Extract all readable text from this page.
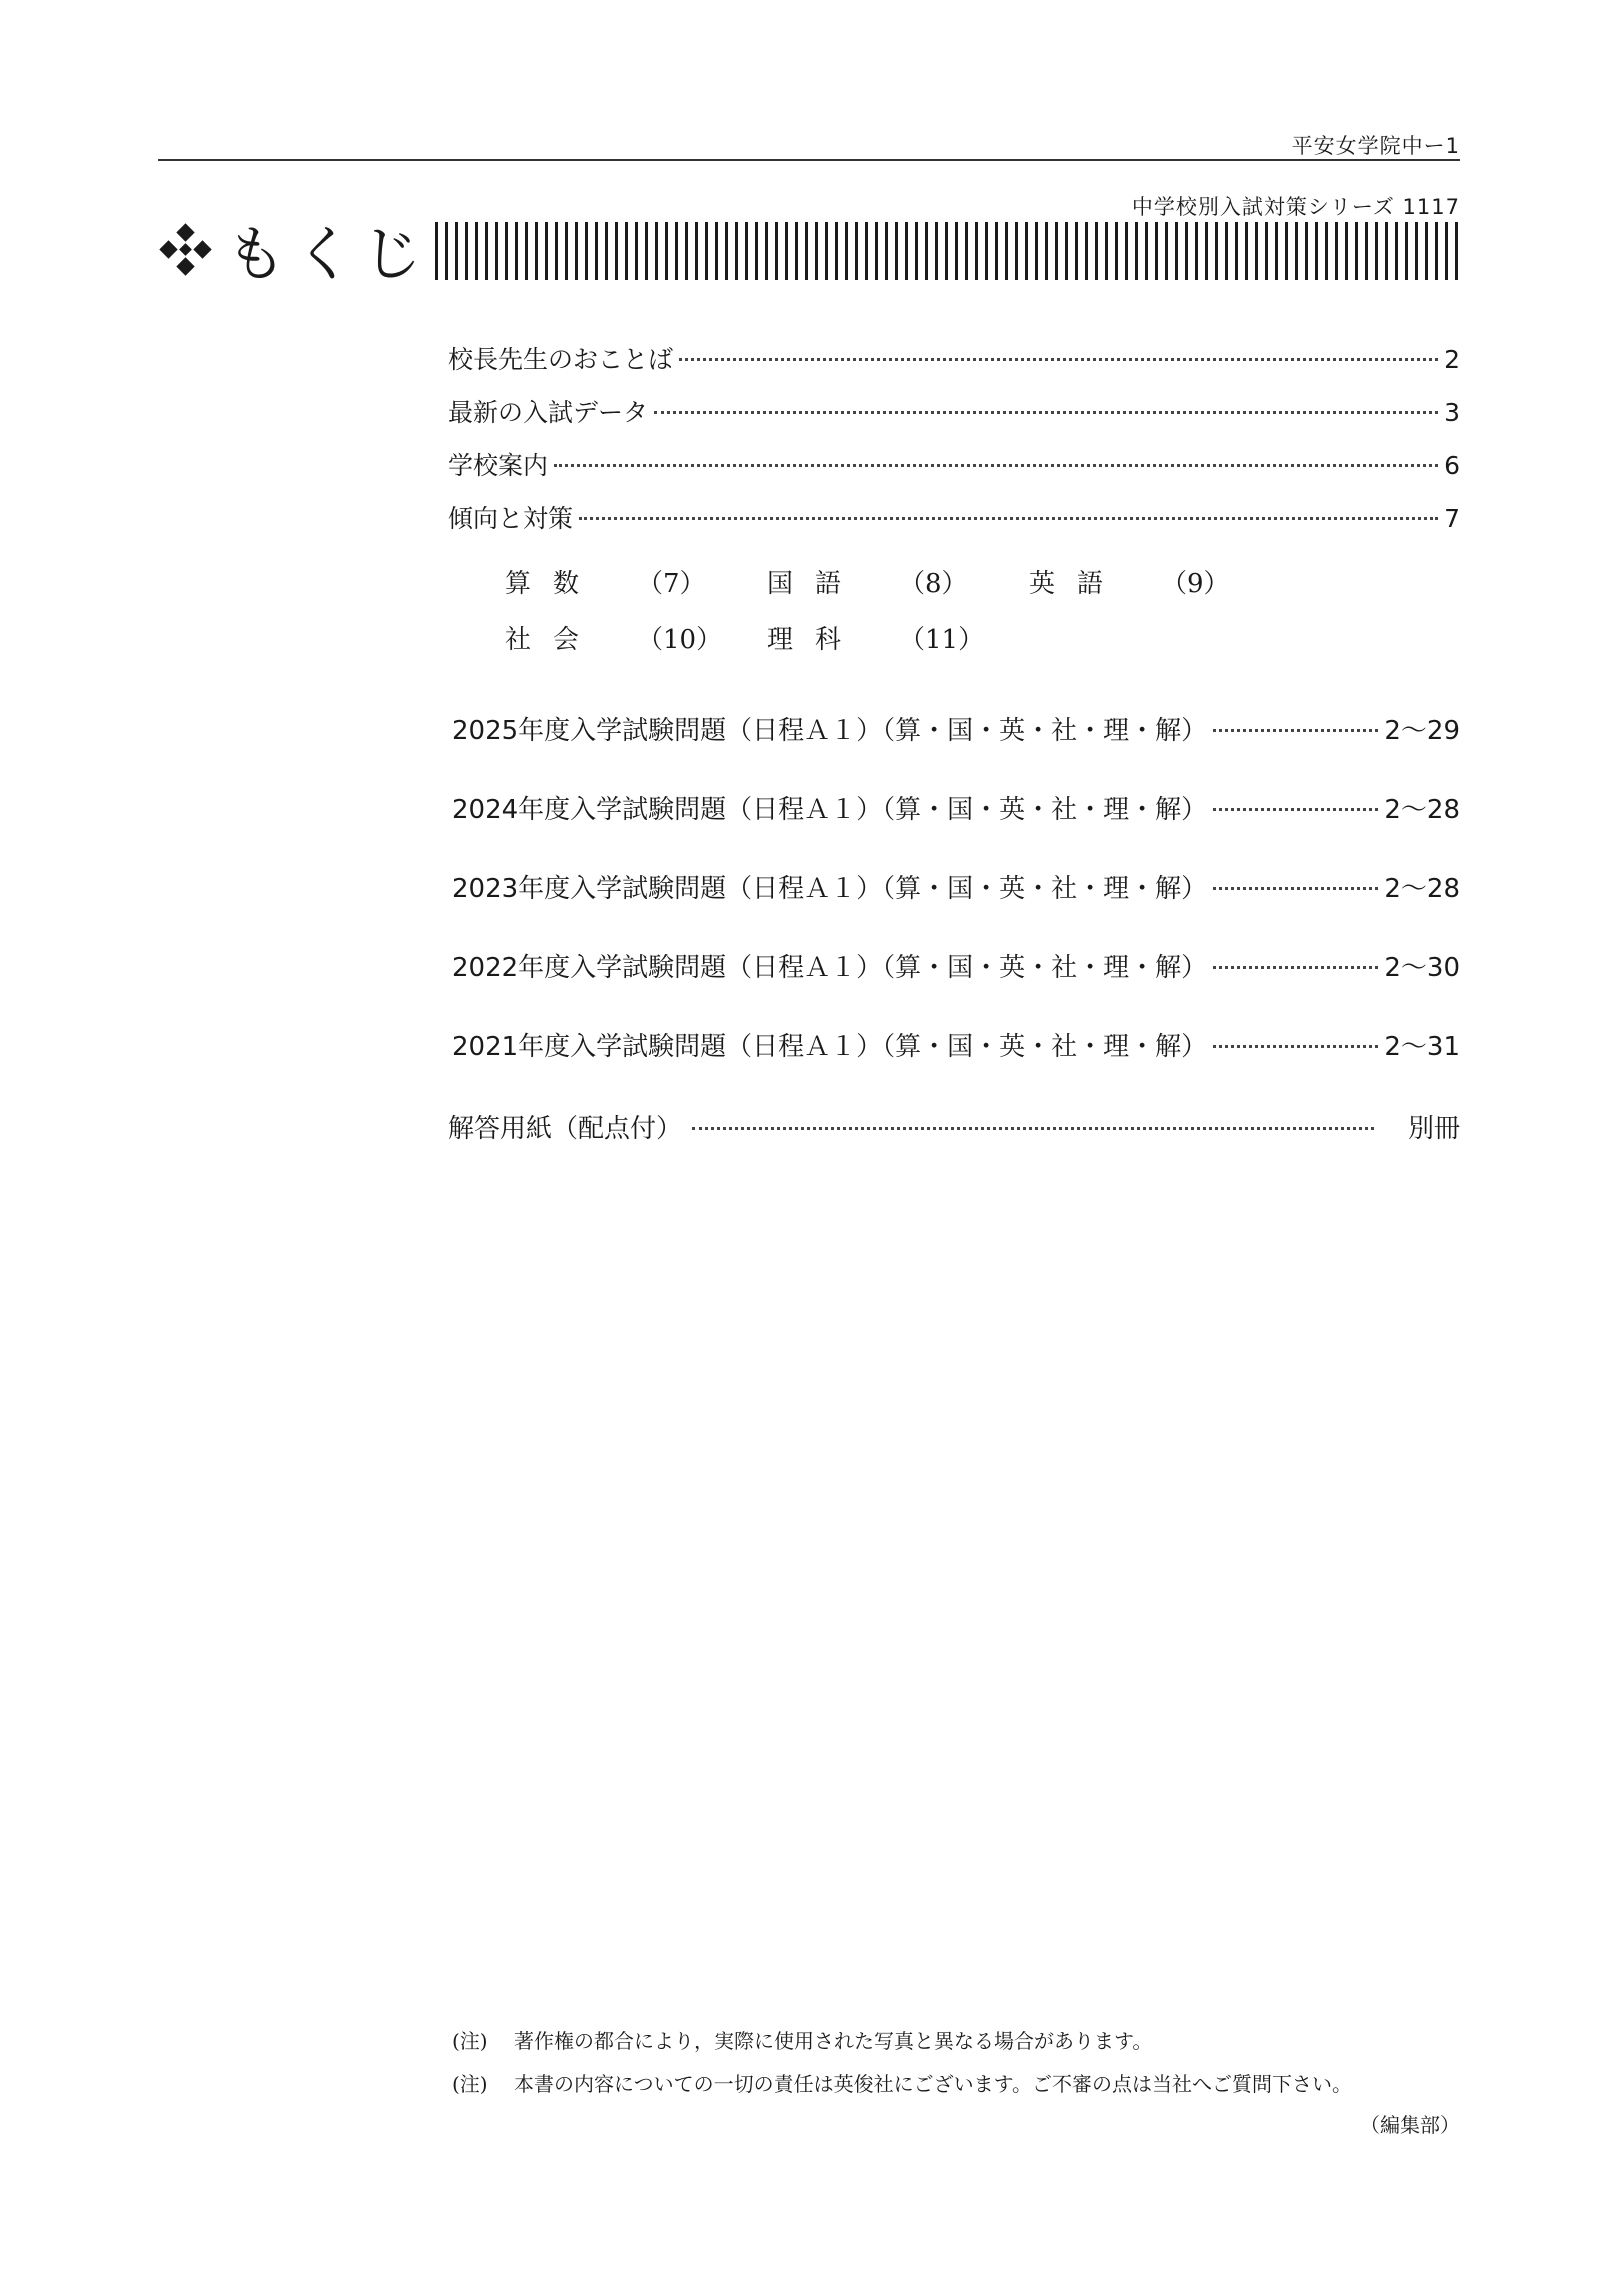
平安女学院中ー1
中学校別入試対策シリーズ 1117
もくじ
校長先生のおことば	2
最新の入試データ	3
学校案内	6
傾向と対策	7
算数	（7）	国語	（8）	英語	（9）
社会	（10）	理科	（11）
2025年度入学試験問題（日程Ａ１）（算・国・英・社・理・解）	2〜29
2024年度入学試験問題（日程Ａ１）（算・国・英・社・理・解）	2〜28
2023年度入学試験問題（日程Ａ１）（算・国・英・社・理・解）	2〜28
2022年度入学試験問題（日程Ａ１）（算・国・英・社・理・解）	2〜30
2021年度入学試験問題（日程Ａ１）（算・国・英・社・理・解）	2〜31
解答用紙（配点付）	別冊
(注)	著作権の都合により，実際に使用された写真と異なる場合があります。
(注)	本書の内容についての一切の責任は英俊社にございます。ご不審の点は当社へご質問下さい。
（編集部）
